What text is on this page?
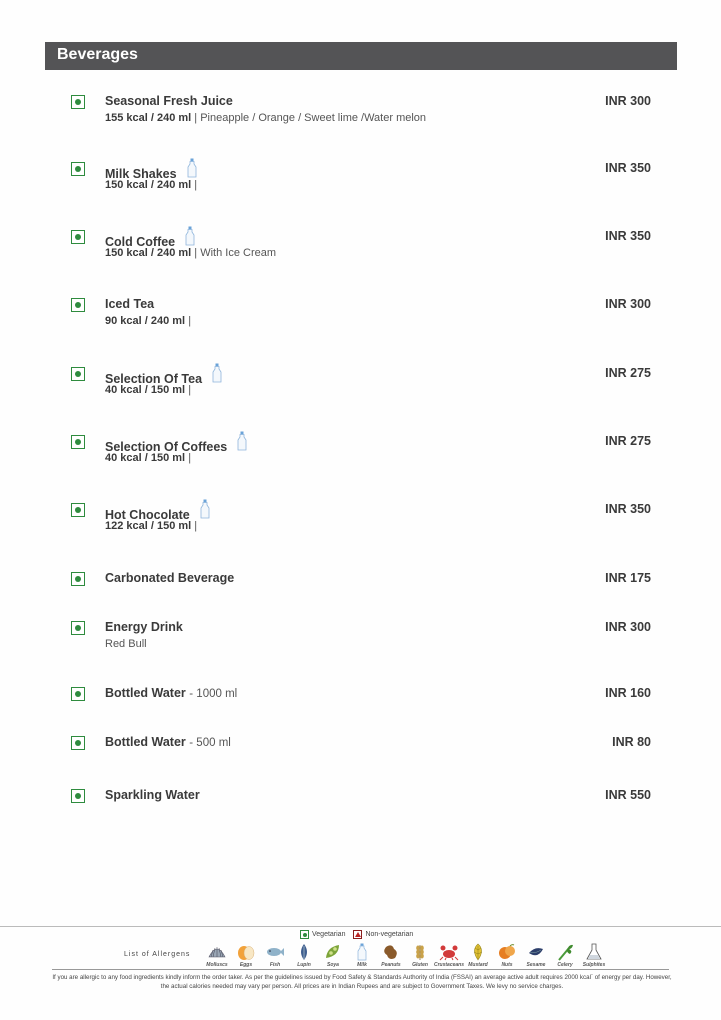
Beverages
Seasonal Fresh Juice
155 kcal / 240 ml | Pineapple / Orange / Sweet lime /Water melon
INR 300
Milk Shakes
150 kcal / 240 ml |
INR 350
Cold Coffee
150 kcal / 240 ml | With Ice Cream
INR 350
Iced Tea
90 kcal / 240 ml |
INR 300
Selection Of Tea
40 kcal / 150 ml |
INR 275
Selection Of Coffees
40 kcal / 150 ml |
INR 275
Hot Chocolate
122 kcal / 150 ml |
INR 350
Carbonated Beverage	INR 175
Energy Drink
Red Bull
INR 300
Bottled Water - 1000 ml	INR 160
Bottled Water - 500 ml	INR 80
Sparkling Water	INR 550
Vegetarian
	Non-vegetarian
List of Allergens
Molluscs Eggs	Fish	Lupin	Soya	Milk	Peanuts Gluten Crustaceans Mustard	Nuts	Sesame Celery Sulphites
If you are allergic to any food ingredients kindly inform the order taker. As per the guidelines issued by Food Safety & Standards Authority of India (FSSAI) an average active adult requires 2000 kcal` of energy per day. However, the actual calories needed may vary per person. All prices are in Indian Rupees and are subject to Government Taxes. We levy no service charges.
